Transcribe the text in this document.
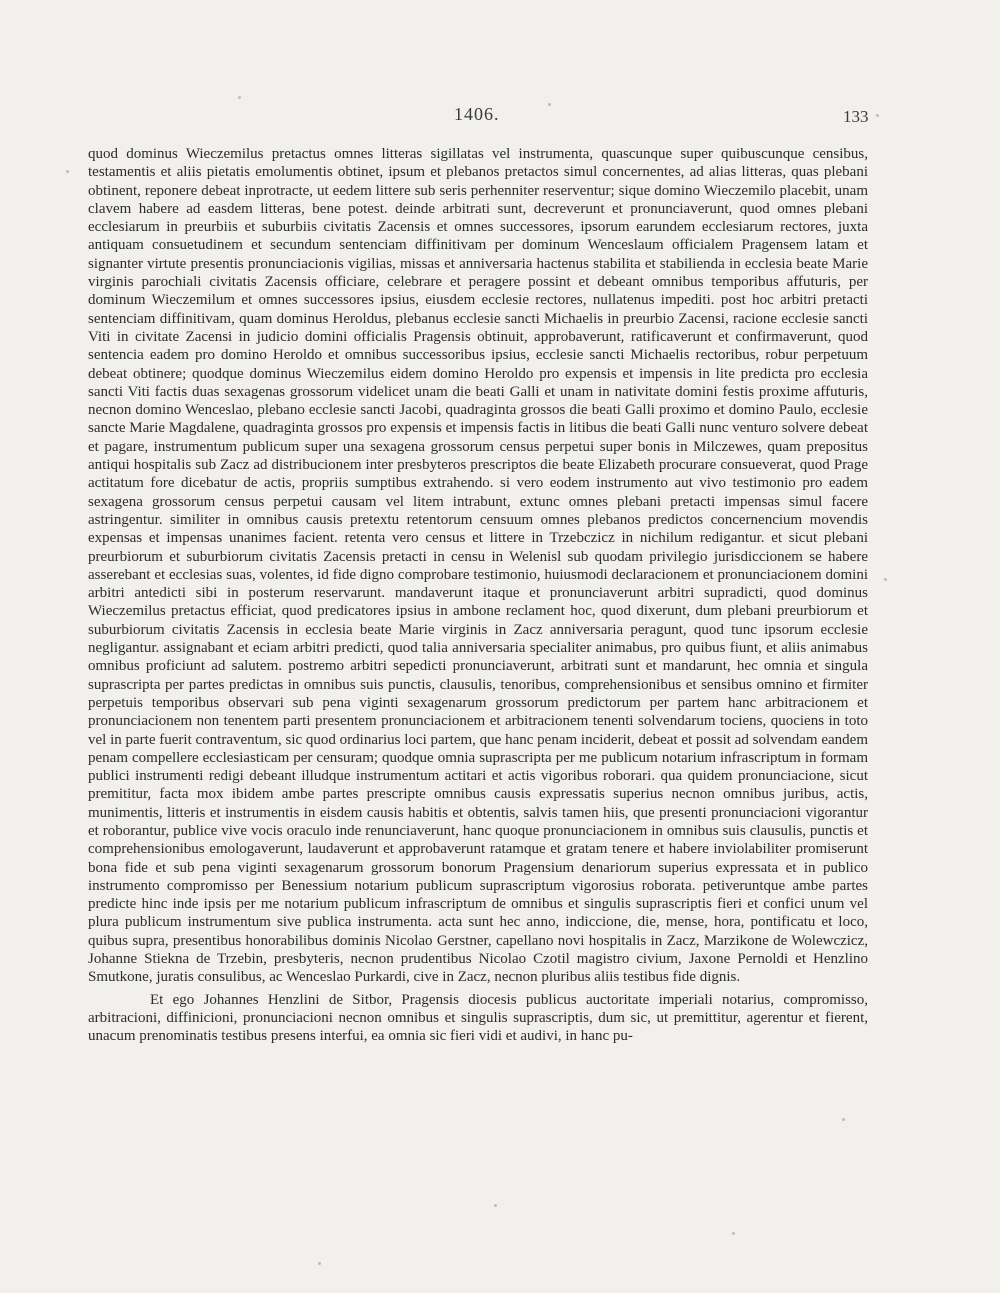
1406.	133

quod dominus Wieczemilus pretactus omnes litteras sigillatas vel instrumenta, quascunque super quibuscunque censibus, testamentis et aliis pietatis emolumentis obtinet, ipsum et plebanos pretactos simul concernentes, ad alias litteras, quas plebani obtinent, reponere debeat inprotracte, ut eedem littere sub seris perhenniter reserventur; sique domino Wieczemilo placebit, unam clavem habere ad easdem litteras, bene potest. deinde arbitrati sunt, decreverunt et pronunciaverunt, quod omnes plebani ecclesiarum in preurbiis et suburbiis civitatis Zacensis et omnes successores, ipsorum earundem ecclesiarum rectores, juxta antiquam consuetudinem et secundum sentenciam diffinitivam per dominum Wenceslaum officialem Pragensem latam et signanter virtute presentis pronunciacionis vigilias, missas et anniversaria hactenus stabilita et stabilienda in ecclesia beate Marie virginis parochiali civitatis Zacensis officiare, celebrare et peragere possint et debeant omnibus temporibus affuturis, per dominum Wieczemilum et omnes successores ipsius, eiusdem ecclesie rectores, nullatenus impediti. post hoc arbitri pretacti sentenciam diffinitivam, quam dominus Heroldus, plebanus ecclesie sancti Michaelis in preurbio Zacensi, racione ecclesie sancti Viti in civitate Zacensi in judicio domini officialis Pragensis obtinuit, approbaverunt, ratificaverunt et confirmaverunt, quod sentencia eadem pro domino Heroldo et omnibus successoribus ipsius, ecclesie sancti Michaelis rectoribus, robur perpetuum debeat obtinere; quodque dominus Wieczemilus eidem domino Heroldo pro expensis et impensis in lite predicta pro ecclesia sancti Viti factis duas sexagenas grossorum videlicet unam die beati Galli et unam in nativitate domini festis proxime affuturis, necnon domino Wenceslao, plebano ecclesie sancti Jacobi, quadraginta grossos die beati Galli proximo et domino Paulo, ecclesie sancte Marie Magdalene, quadraginta grossos pro expensis et impensis factis in litibus die beati Galli nunc venturo solvere debeat et pagare, instrumentum publicum super una sexagena grossorum census perpetui super bonis in Milczewes, quam prepositus antiqui hospitalis sub Zacz ad distribucionem inter presbyteros prescriptos die beate Elizabeth procurare consueverat, quod Prage actitatum fore dicebatur de actis, propriis sumptibus extrahendo. si vero eodem instrumento aut vivo testimonio pro eadem sexagena grossorum census perpetui causam vel litem intrabunt, extunc omnes plebani pretacti impensas simul facere astringentur. similiter in omnibus causis pretextu retentorum censuum omnes plebanos predictos concernencium movendis expensas et impensas unanimes facient. retenta vero census et littere in Trzebczicz in nichilum redigantur. et sicut plebani preurbiorum et suburbiorum civitatis Zacensis pretacti in censu in Welenisl sub quodam privilegio jurisdiccionem se habere asserebant et ecclesias suas, volentes, id fide digno comprobare testimonio, huiusmodi declaracionem et pronunciacionem domini arbitri antedicti sibi in posterum reservarunt. mandaverunt itaque et pronunciaverunt arbitri supradicti, quod dominus Wieczemilus pretactus efficiat, quod predicatores ipsius in ambone reclament hoc, quod dixerunt, dum plebani preurbiorum et suburbiorum civitatis Zacensis in ecclesia beate Marie virginis in Zacz anniversaria peragunt, quod tunc ipsorum ecclesie negligantur. assignabant et eciam arbitri predicti, quod talia anniversaria specialiter animabus, pro quibus fiunt, et aliis animabus omnibus proficiunt ad salutem. postremo arbitri sepedicti pronunciaverunt, arbitrati sunt et mandarunt, hec omnia et singula suprascripta per partes predictas in omnibus suis punctis, clausulis, tenoribus, comprehensionibus et sensibus omnino et firmiter perpetuis temporibus observari sub pena viginti sexagenarum grossorum predictorum per partem hanc arbitracionem et pronunciacionem non tenentem parti presentem pronunciacionem et arbitracionem tenenti solvendarum tociens, quociens in toto vel in parte fuerit contraventum, sic quod ordinarius loci partem, que hanc penam inciderit, debeat et possit ad solvendam eandem penam compellere ecclesiasticam per censuram; quodque omnia suprascripta per me publicum notarium infrascriptum in formam publici instrumenti redigi debeant illudque instrumentum actitari et actis vigoribus roborari. qua quidem pronunciacione, sicut premititur, facta mox ibidem ambe partes prescripte omnibus causis expressatis superius necnon omnibus juribus, actis, munimentis, litteris et instrumentis in eisdem causis habitis et obtentis, salvis tamen hiis, que presenti pronunciacioni vigorantur et roborantur, publice vive vocis oraculo inde renunciaverunt, hanc quoque pronunciacionem in omnibus suis clausulis, punctis et comprehensionibus emologaverunt, laudaverunt et approbaverunt ratamque et gratam tenere et habere inviolabiliter promiserunt bona fide et sub pena viginti sexagenarum grossorum bonorum Pragensium denariorum superius expressata et in publico instrumento compromisso per Benessium notarium publicum suprascriptum vigorosius roborata. petiveruntque ambe partes predicte hinc inde ipsis per me notarium publicum infrascriptum de omnibus et singulis suprascriptis fieri et confici unum vel plura publicum instrumentum sive publica instrumenta. acta sunt hec anno, indiccione, die, mense, hora, pontificatu et loco, quibus supra, presentibus honorabilibus dominis Nicolao Gerstner, capellano novi hospitalis in Zacz, Marzikone de Wolewczicz, Johanne Stiekna de Trzebin, presbyteris, necnon prudentibus Nicolao Czotil magistro civium, Jaxone Pernoldi et Henzlino Smutkone, juratis consulibus, ac Wenceslao Purkardi, cive in Zacz, necnon pluribus aliis testibus fide dignis.

Et ego Johannes Henzlini de Sitbor, Pragensis diocesis publicus auctoritate imperiali notarius, compromisso, arbitracioni, diffinicioni, pronunciacioni necnon omnibus et singulis suprascriptis, dum sic, ut premittitur, agerentur et fierent, unacum prenominatis testibus presens interfui, ea omnia sic fieri vidi et audivi, in hanc pu-
